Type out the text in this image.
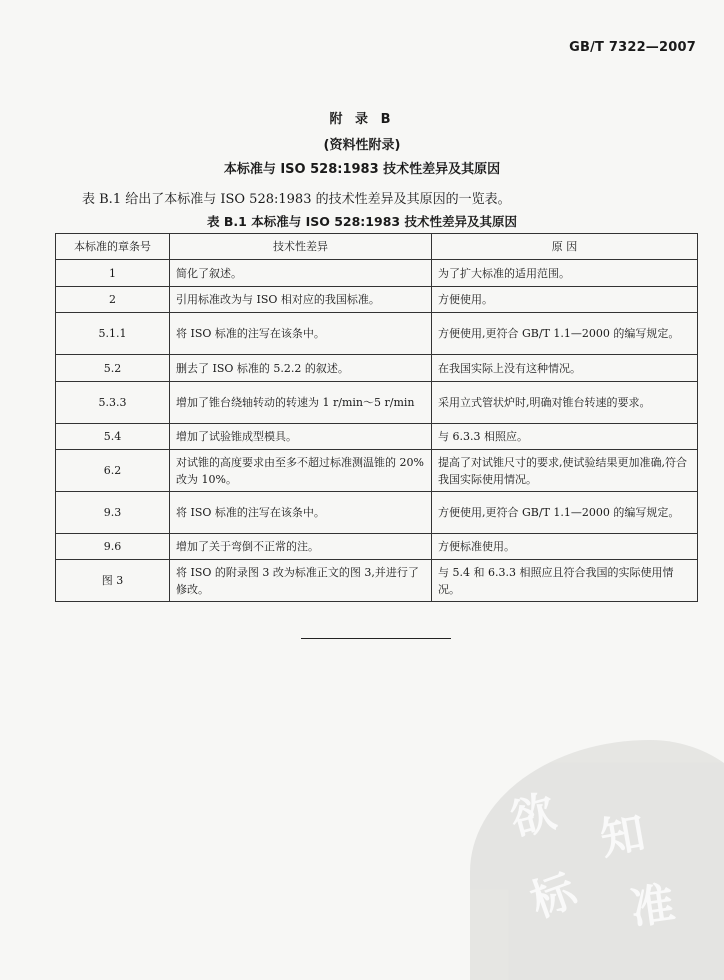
GB/T 7322—2007
附 录 B
(资料性附录)
本标准与 ISO 528:1983 技术性差异及其原因
表 B.1 给出了本标准与 ISO 528:1983 的技术性差异及其原因的一览表。
表 B.1 本标准与 ISO 528:1983 技术性差异及其原因
本标准的章条号	技术性差异	原 因
1	简化了叙述。	为了扩大标准的适用范围。
2	引用标准改为与 ISO 相对应的我国标准。	方便使用。
5.1.1	将 ISO 标准的注写在该条中。	方便使用,更符合 GB/T 1.1—2000 的编写规定。
5.2	删去了 ISO 标准的 5.2.2 的叙述。	在我国实际上没有这种情况。
5.3.3	增加了锥台绕轴转动的转速为 1 r/min～5 r/min	采用立式管状炉时,明确对锥台转速的要求。
5.4	增加了试验锥成型模具。	与 6.3.3 相照应。
6.2	对试锥的高度要求由至多不超过标准测温锥的 20%改为 10%。	提高了对试锥尺寸的要求,使试验结果更加准确,符合我国实际使用情况。
9.3	将 ISO 标准的注写在该条中。	方便使用,更符合 GB/T 1.1—2000 的编写规定。
9.6	增加了关于弯倒不正常的注。	方便标准使用。
图 3	将 ISO 的附录图 3 改为标准正文的图 3,并进行了修改。	与 5.4 和 6.3.3 相照应且符合我国的实际使用情况。
欲 知
标 准
